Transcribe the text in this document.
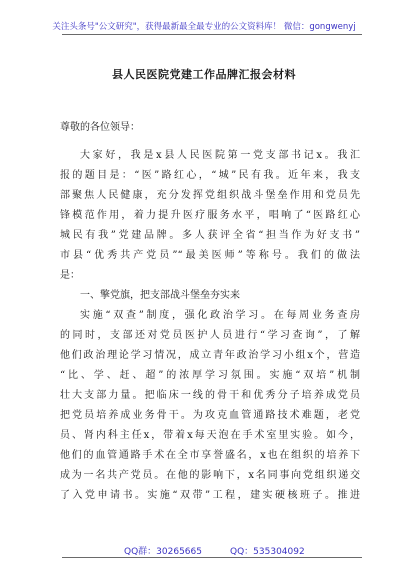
关注头条号"公文研究"，获得最新最全最专业的公文资料库！ 微信：gongwenyj
县人民医院党建工作品牌汇报会材料
尊敬的各位领导：
大家好，我是x县人民医院第一党支部书记x。我汇
报的题目是：“医”路红心，“城”民有我。近年来，我支
部聚焦人民健康，充分发挥党组织战斗堡垒作用和党员先
锋模范作用，着力提升医疗服务水平，唱响了“医路红心
城民有我”党建品牌。多人获评全省“担当作为好支书”
市县“优秀共产党员”“最美医师”等称号。我们的做法
是：
一、擎党旗，把支部战斗堡垒夯实来
实施“双查”制度，强化政治学习。在每周业务查房
的同时，支部还对党员医护人员进行“学习查询”，了解
他们政治理论学习情况，成立青年政治学习小组x个，营造
“比、学、赶、超”的浓厚学习氛围。实施“双培”机制
壮大支部力量。把临床一线的骨干和优秀分子培养成党员
把党员培养成业务骨干。为攻克血管通路技术难题，老党
员、肾内科主任x，带着x每天泡在手术室里实验。如今，
他们的血管通路手术在全市享誉盛名，x也在组织的培养下
成为一名共产党员。在他的影响下，x名同事向党组织递交
了入党申请书。实施“双带”工程，建实硬核班子。推进
QQ群：30265665	QQ：535304092
